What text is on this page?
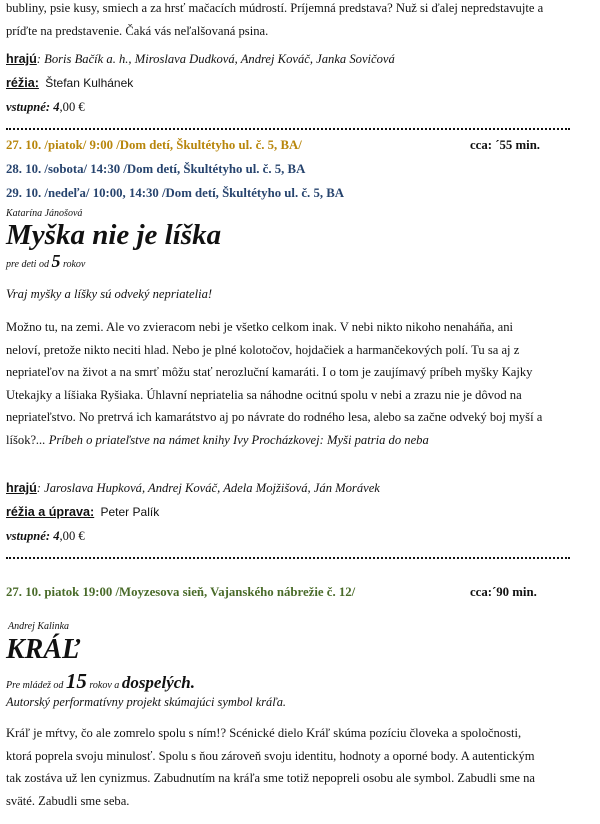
bubliny, psie kusy, smiech a za hrsť mačacích múdrostí. Príjemná predstava? Nuž si ďalej nepredstavujte a
príďte na predstavenie. Čaká vás neľalšovaná psina.
hrajú: Boris Bačík a. h., Miroslava Dudková, Andrej Kováč, Janka Sovičová
réžia: Štefan Kulhánek
vstupné: 4,00 €
27. 10. /piatok/ 9:00 /Dom detí, Škultétyho ul. č. 5, BA/	cca: ´55 min.
28. 10. /sobota/ 14:30 /Dom detí, Škultétyho ul. č. 5, BA
29. 10. /nedeľa/ 10:00, 14:30 /Dom detí, Škultétyho ul. č. 5, BA
Katarína Jánošová
Myška nie je líška
pre deti od 5 rokov
Vraj myšky a líšky sú odveký nepriatelia!
Možno tu, na zemi. Ale vo zvieracom nebi je všetko celkom inak. V nebi nikto nikoho nenaháňa, ani
neloví, pretože nikto neciti hlad. Nebo je plné kolotočov, hojdačiek a harmančekových polí. Tu sa aj z
nepriateľov na život a na smrť môžu stať nerozluční kamaráti. I o tom je zaujímavý príbeh myšky Kajky
Utekajky a líšiaka Ryšiaka. Úhlavní nepriatelia sa náhodne ocitnú spolu v nebi a zrazu nie je dôvod na
nepriateľstvo. No pretrvá ich kamarátstvo aj po návrate do rodného lesa, alebo sa začne odveký boj myší a
líšok?... Príbeh o priateľstve na námet knihy Ivy Procházkovej: Myši patria do neba
hrajú: Jaroslava Hupková, Andrej Kováč, Adela Mojžišová, Ján Morávek
réžia a úprava: Peter Palík
vstupné: 4,00 €
27. 10. piatok 19:00 /Moyzesova sieň, Vajanského nábrežie č. 12/	cca:´90 min.
Andrej Kalinka
KRÁĽ
Pre mládež od 15 rokov a dospelých.
Autorský performatívny projekt skúmajúci symbol kráľa.
Kráľ je mŕtvy, čo ale zomrelo spolu s ním!? Scénické dielo Kráľ skúma pozíciu človeka a spoločnosti,
ktorá poprela svoju minulosť. Spolu s ňou zároveň svoju identitu, hodnoty a oporné body. A autentickým
tak zostáva už len cynizmus. Zabudnutím na kráľa sme totiž nepopreli osobu ale symbol. Zabudli sme na
sväté. Zabudli sme seba.
